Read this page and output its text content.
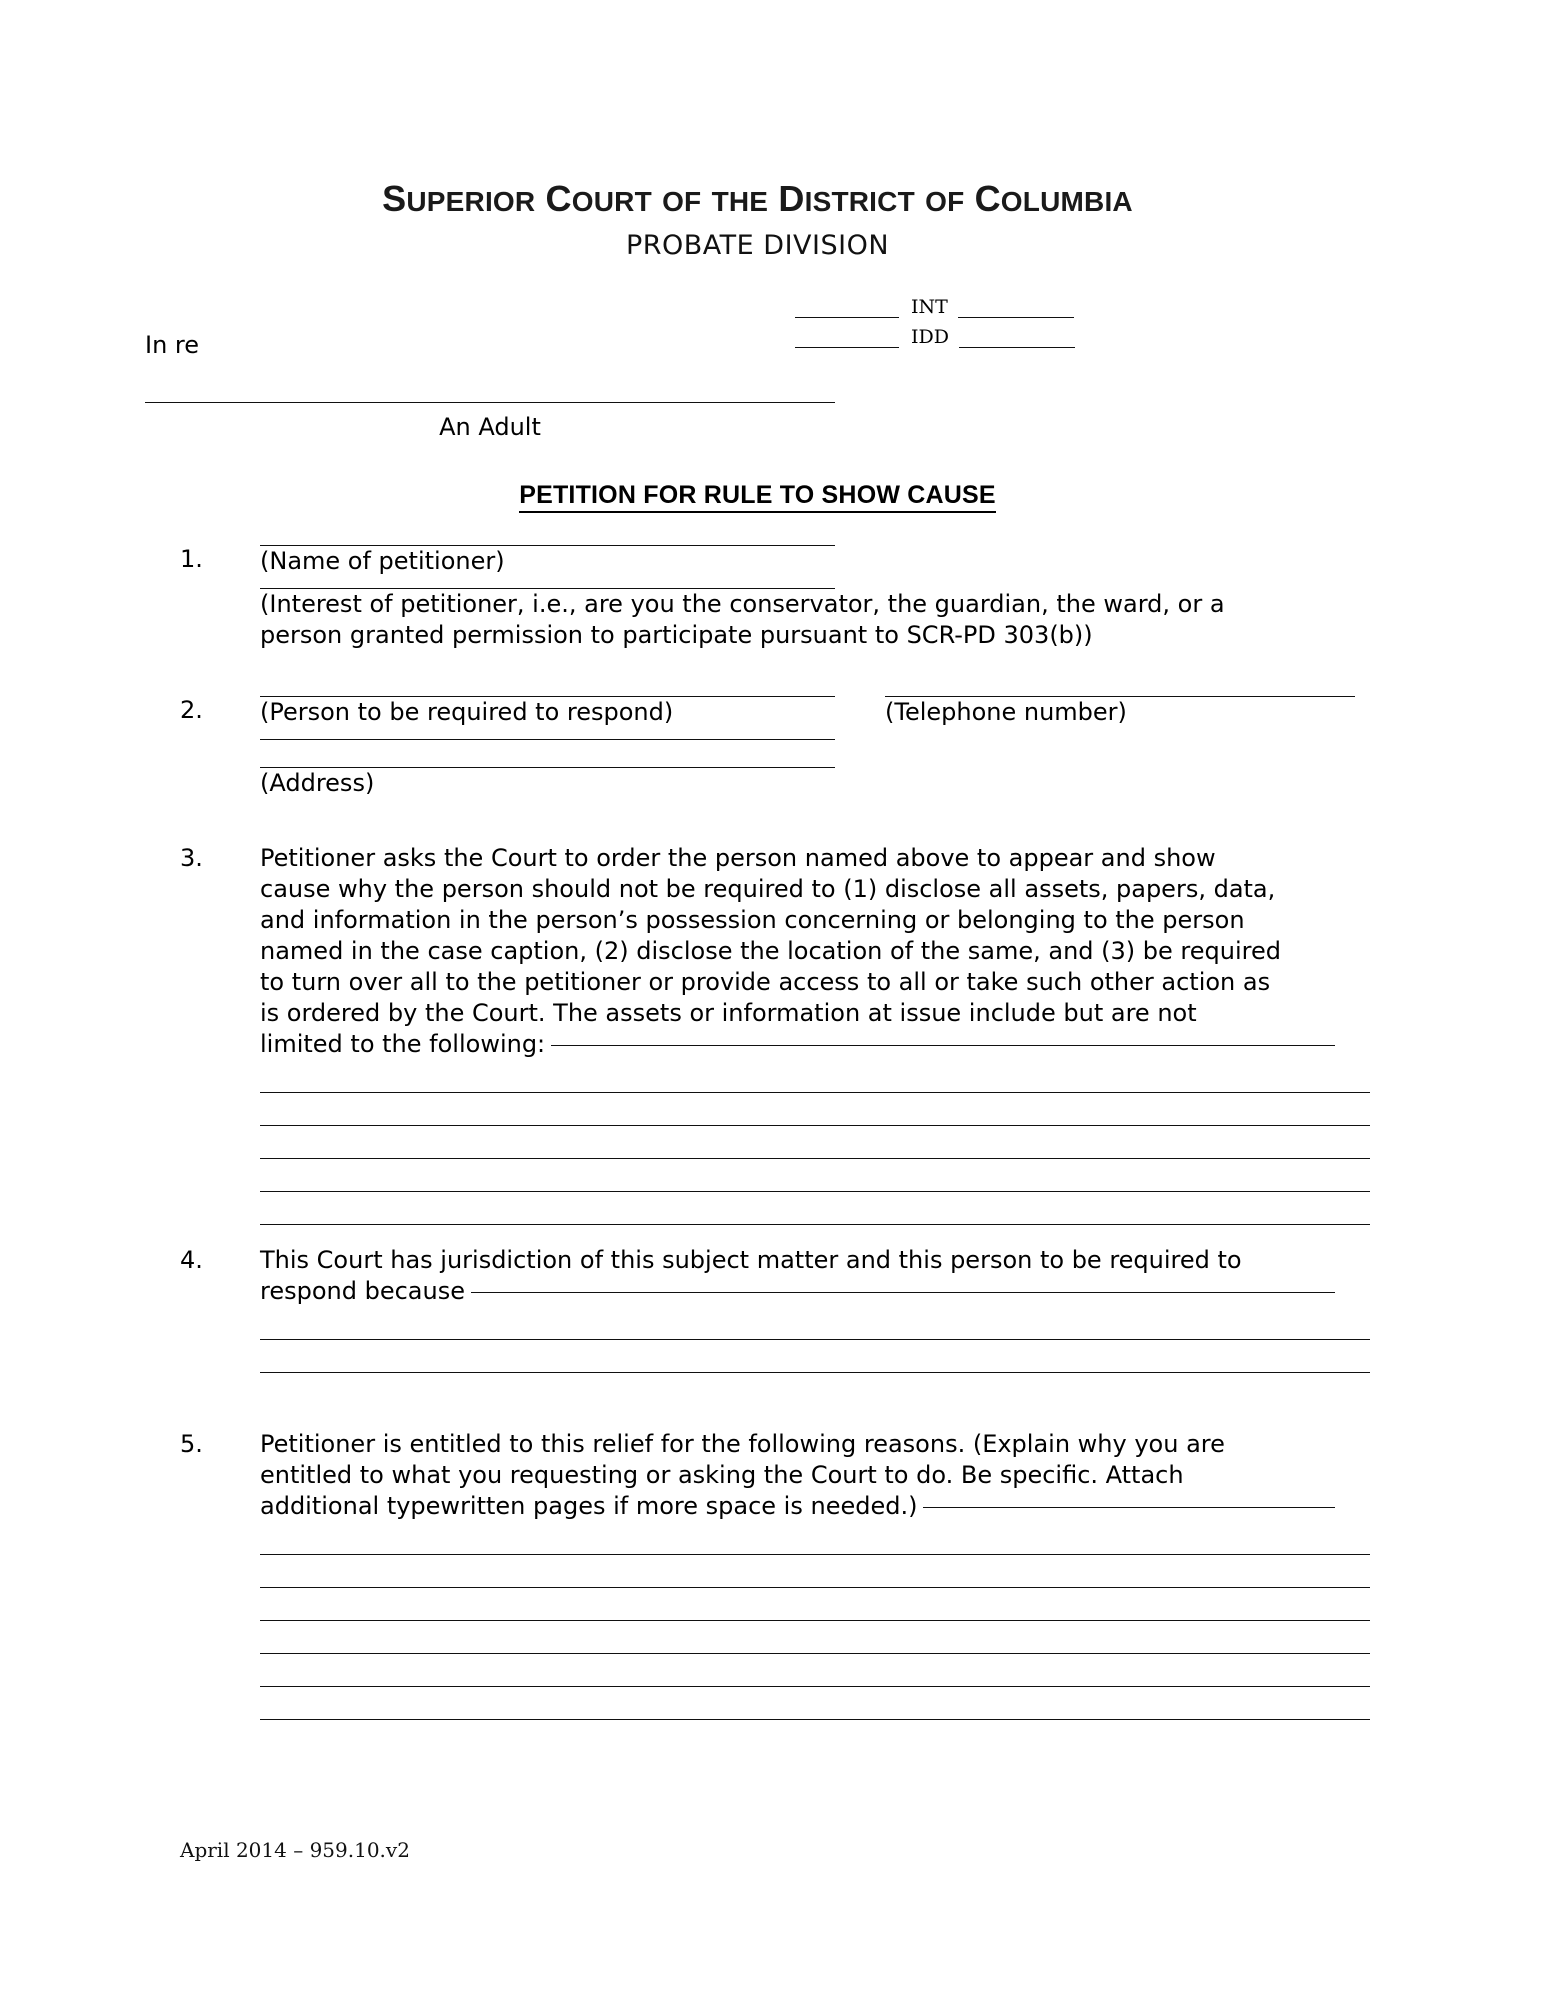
INT
IDD
SUPERIOR COURT OF THE DISTRICT OF COLUMBIA
PROBATE DIVISION
In re
An Adult
PETITION FOR RULE TO SHOW CAUSE
1.	(Name of petitioner)
(Interest of petitioner, i.e., are you the conservator, the guardian, the ward, or a
person granted permission to participate pursuant to SCR-PD 303(b))
2.	(Person to be required to respond)	(Telephone number)
(Address)
3.	Petitioner asks the Court to order the person named above to appear and show
cause why the person should not be required to (1) disclose all assets, papers, data,
and information in the person’s possession concerning or belonging to the person
named in the case caption, (2) disclose the location of the same, and (3) be required
to turn over all to the petitioner or provide access to all or take such other action as
is ordered by the Court. The assets or information at issue include but are not
limited to the following:
4.	This Court has jurisdiction of this subject matter and this person to be required to
respond because
5.	Petitioner is entitled to this relief for the following reasons. (Explain why you are
entitled to what you requesting or asking the Court to do. Be specific. Attach
additional typewritten pages if more space is needed.)
April 2014 – 959.10.v2
